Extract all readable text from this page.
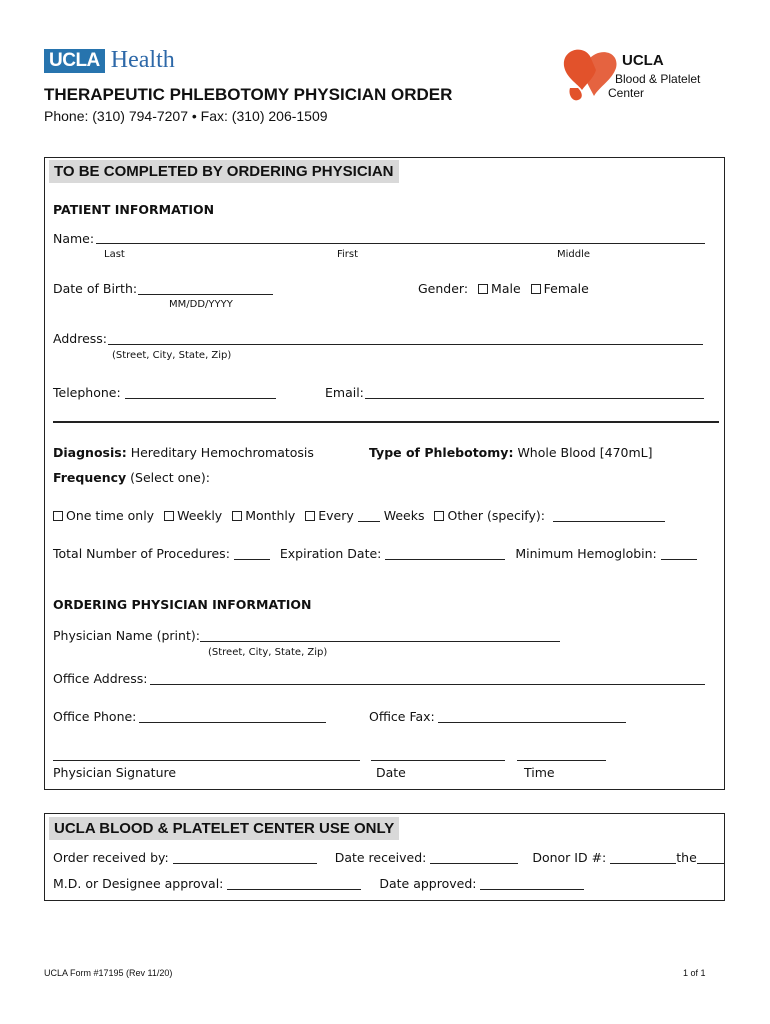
UCLA Health
THERAPEUTIC PHLEBOTOMY PHYSICIAN ORDER
Phone: (310) 794-7207 • Fax: (310) 206-1509
UCLA
Blood & Platelet
Center
TO BE COMPLETED BY ORDERING PHYSICIAN
PATIENT INFORMATION
Name:
Last	First	Middle
Date of Birth:
MM/DD/YYYY
Gender: Male Female
Address:
(Street, City, State, Zip)
Telephone:	Email:
Diagnosis: Hereditary Hemochromatosis	Type of Phlebotomy: Whole Blood [470mL]
Frequency (Select one):
One time only Weekly Monthly Every Weeks Other (specify):
Total Number of Procedures:	Expiration Date:	Minimum Hemoglobin:
ORDERING PHYSICIAN INFORMATION
Physician Name (print):
(Street, City, State, Zip)
Office Address:
Office Phone:	Office Fax:
Physician Signature	Date	Time
UCLA BLOOD & PLATELET CENTER USE ONLY
Order received by:	Date received:	Donor ID #:	the
M.D. or Designee approval:	Date approved:
UCLA Form #17195 (Rev 11/20)	1 of 1
